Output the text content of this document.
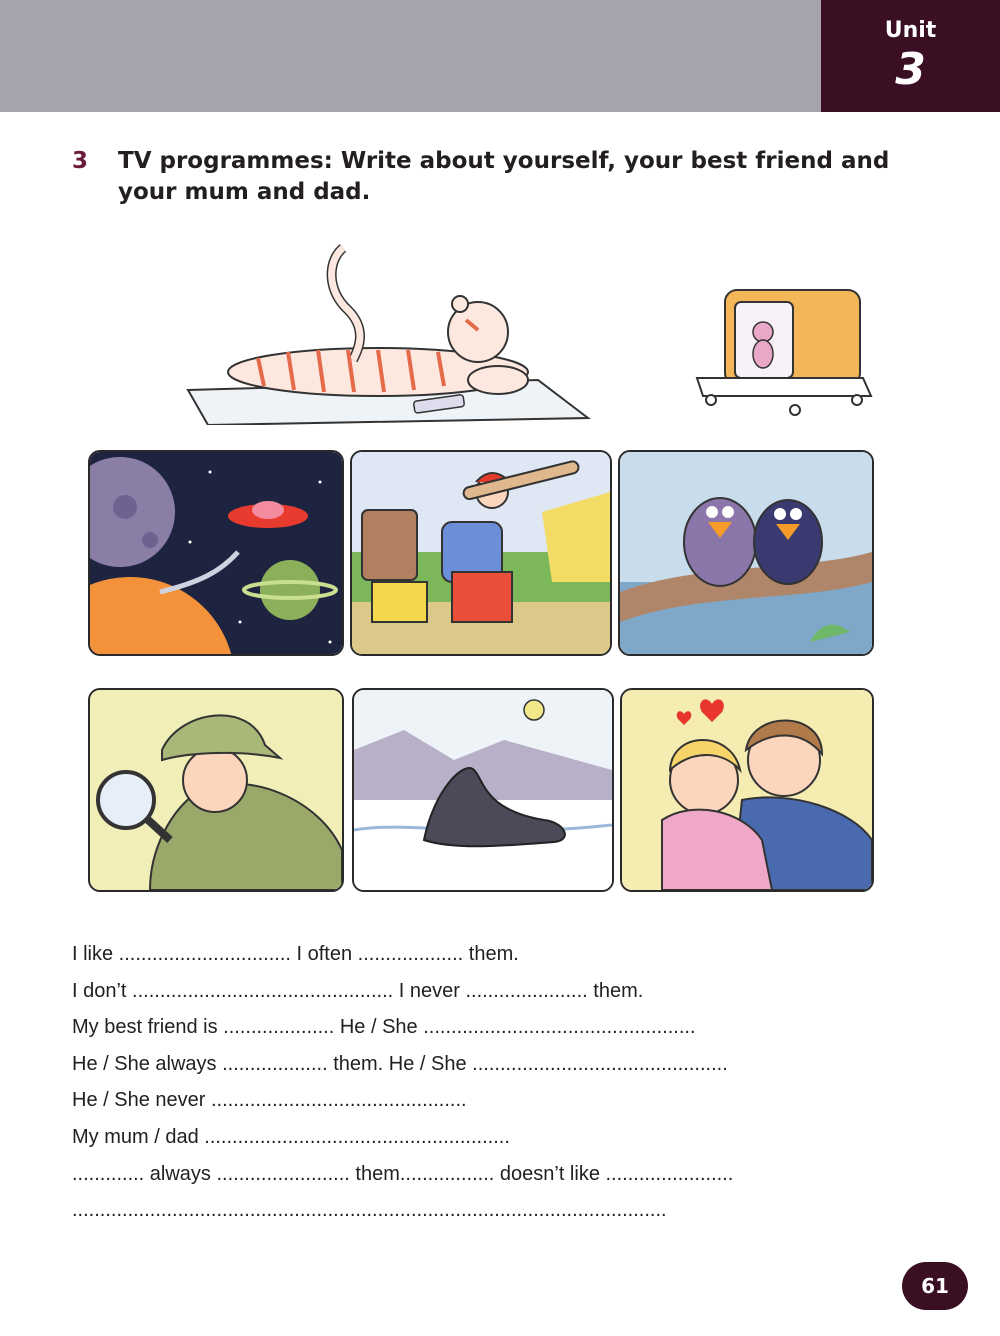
Unit
3
3 TV programmes: Write about yourself, your best friend and your mum and dad.
I like ............................... I often ................... them.
I don’t ............................................... I never ...................... them.
My best friend is .................... He / She .................................................
He / She always ................... them. He / She ..............................................
He / She never ..............................................
My mum / dad .......................................................
............. always ........................ them................. doesn’t like .......................
...........................................................................................................
61
